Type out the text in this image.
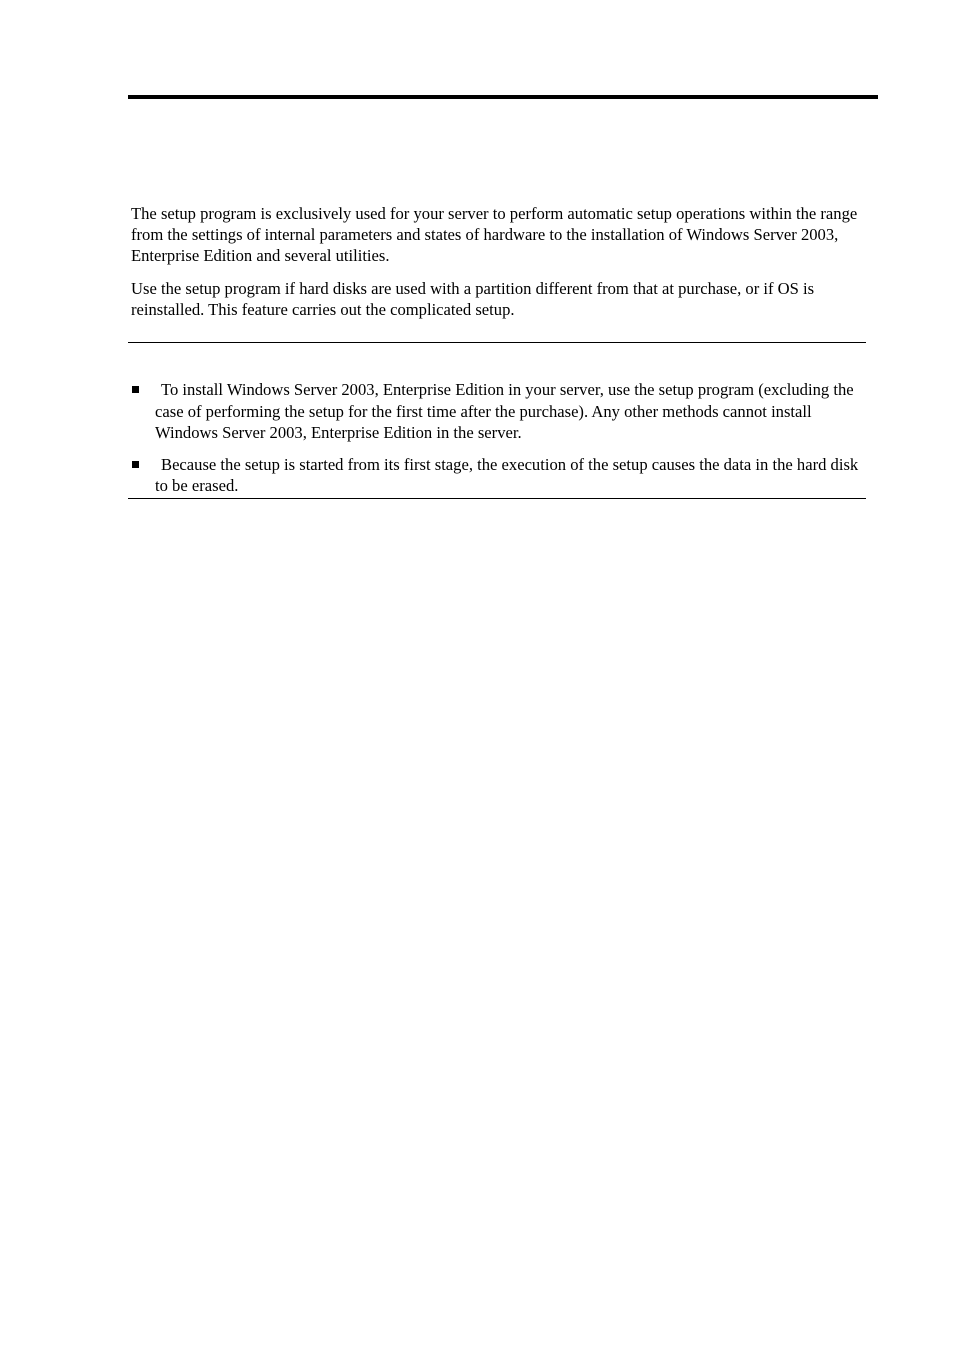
The setup program is exclusively used for your server to perform automatic setup operations within the range from the settings of internal parameters and states of hardware to the installation of Windows Server 2003, Enterprise Edition and several utilities.

Use the setup program if hard disks are used with a partition different from that at purchase, or if OS is reinstalled. This feature carries out the complicated setup.

To install Windows Server 2003, Enterprise Edition in your server, use the setup program (excluding the case of performing the setup for the first time after the purchase). Any other methods cannot install Windows Server 2003, Enterprise Edition in the server.
Because the setup is started from its first stage, the execution of the setup causes the data in the hard disk to be erased.
